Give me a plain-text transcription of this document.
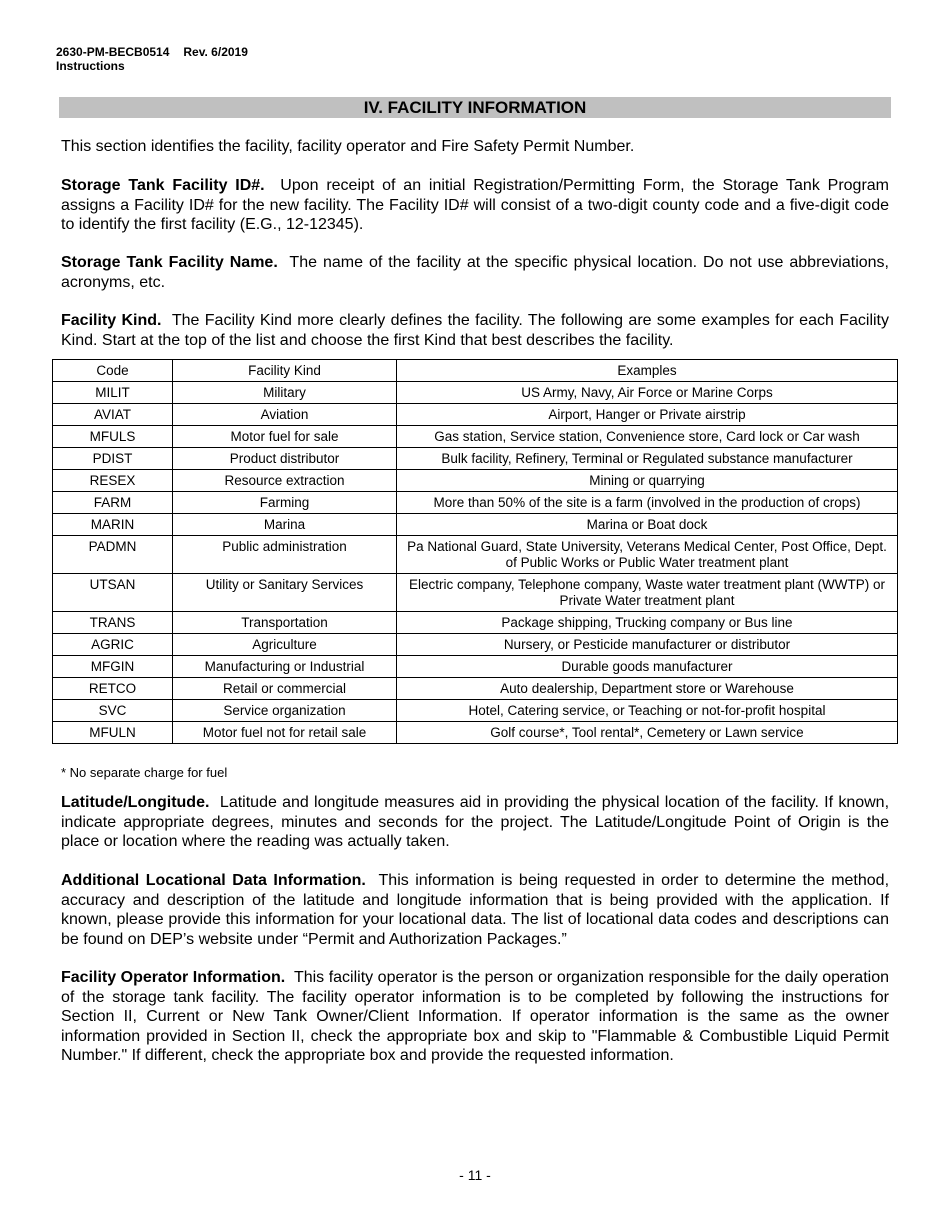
2630-PM-BECB0514 Rev. 6/2019
Instructions
IV. FACILITY INFORMATION
This section identifies the facility, facility operator and Fire Safety Permit Number.
Storage Tank Facility ID#. Upon receipt of an initial Registration/Permitting Form, the Storage Tank Program assigns a Facility ID# for the new facility. The Facility ID# will consist of a two-digit county code and a five-digit code to identify the first facility (E.G., 12-12345).
Storage Tank Facility Name. The name of the facility at the specific physical location. Do not use abbreviations, acronyms, etc.
Facility Kind. The Facility Kind more clearly defines the facility. The following are some examples for each Facility Kind. Start at the top of the list and choose the first Kind that best describes the facility.
Code	Facility Kind	Examples
MILIT	Military	US Army, Navy, Air Force or Marine Corps
AVIAT	Aviation	Airport, Hanger or Private airstrip
MFULS	Motor fuel for sale	Gas station, Service station, Convenience store, Card lock or Car wash
PDIST	Product distributor	Bulk facility, Refinery, Terminal or Regulated substance manufacturer
RESEX	Resource extraction	Mining or quarrying
FARM	Farming	More than 50% of the site is a farm (involved in the production of crops)
MARIN	Marina	Marina or Boat dock
PADMN	Public administration	Pa National Guard, State University, Veterans Medical Center, Post Office, Dept. of Public Works or Public Water treatment plant
UTSAN	Utility or Sanitary Services	Electric company, Telephone company, Waste water treatment plant (WWTP) or Private Water treatment plant
TRANS	Transportation	Package shipping, Trucking company or Bus line
AGRIC	Agriculture	Nursery, or Pesticide manufacturer or distributor
MFGIN	Manufacturing or Industrial	Durable goods manufacturer
RETCO	Retail or commercial	Auto dealership, Department store or Warehouse
SVC	Service organization	Hotel, Catering service, or Teaching or not-for-profit hospital
MFULN	Motor fuel not for retail sale	Golf course*, Tool rental*, Cemetery or Lawn service
* No separate charge for fuel
Latitude/Longitude. Latitude and longitude measures aid in providing the physical location of the facility. If known, indicate appropriate degrees, minutes and seconds for the project. The Latitude/Longitude Point of Origin is the place or location where the reading was actually taken.
Additional Locational Data Information. This information is being requested in order to determine the method, accuracy and description of the latitude and longitude information that is being provided with the application. If known, please provide this information for your locational data. The list of locational data codes and descriptions can be found on DEP’s website under “Permit and Authorization Packages.”
Facility Operator Information. This facility operator is the person or organization responsible for the daily operation of the storage tank facility. The facility operator information is to be completed by following the instructions for Section II, Current or New Tank Owner/Client Information. If operator information is the same as the owner information provided in Section II, check the appropriate box and skip to "Flammable & Combustible Liquid Permit Number." If different, check the appropriate box and provide the requested information.
- 11 -
